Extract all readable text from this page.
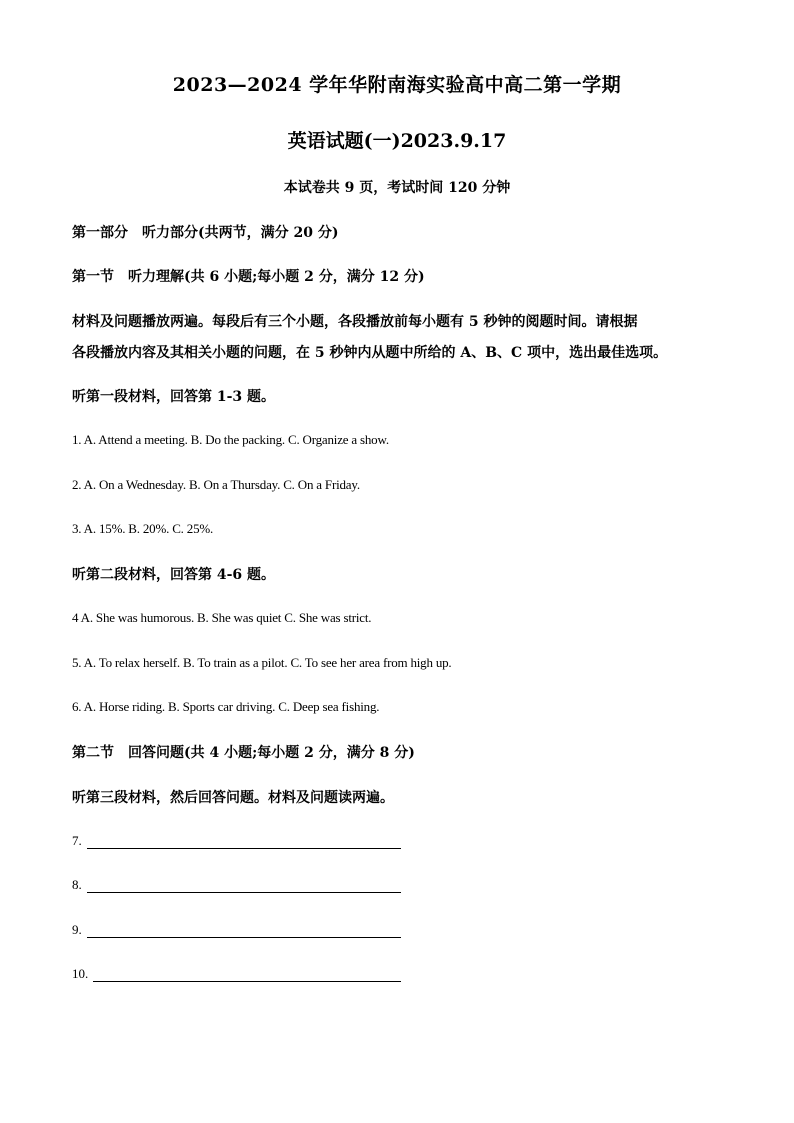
2023—2024 学年华附南海实验高中高二第一学期
英语试题(一)2023.9.17
本试卷共 9 页，考试时间 120 分钟
第一部分　听力部分(共两节，满分 20 分)
第一节　听力理解(共 6 小题;每小题 2 分，满分 12 分)
材料及问题播放两遍。每段后有三个小题，各段播放前每小题有 5 秒钟的阅题时间。请根据
各段播放内容及其相关小题的问题，在 5 秒钟内从题中所给的 A、B、C 项中，选出最佳选项。
听第一段材料，回答第 1-3 题。
1. A. Attend a meeting. B. Do the packing. C. Organize a show.
2. A. On a Wednesday. B. On a Thursday. C. On a Friday.
3. A. 15%. B. 20%. C. 25%.
听第二段材料，回答第 4-6 题。
4 A. She was humorous. B. She was quiet C. She was strict.
5. A. To relax herself. B. To train as a pilot. C. To see her area from high up.
6. A. Horse riding. B. Sports car driving. C. Deep sea fishing.
第二节　回答问题(共 4 小题;每小题 2 分，满分 8 分)
听第三段材料，然后回答问题。材料及问题读两遍。
7.
8.
9.
10.
